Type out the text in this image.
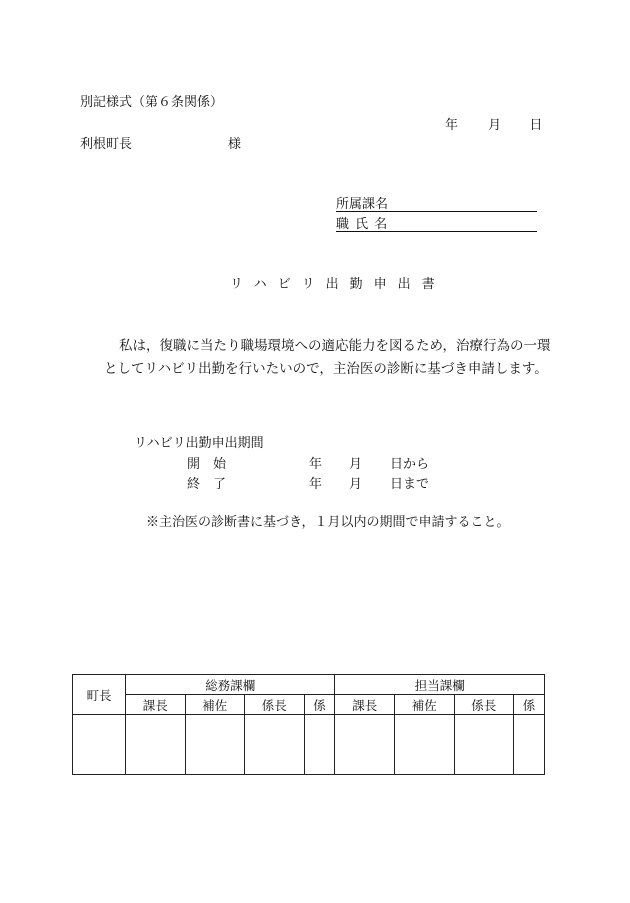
別記様式（第６条関係）
年 月 日
利根町長	様
所属課名
職 氏 名
リハビリ出勤申出書

私は，復職に当たり職場環境への適応能力を図るため，治療行為の一環

としてリハビリ出勤を行いたいので，主治医の診断に基づき申請します。

リハビリ出勤申出期間
開　始	年 月 日から
終　了	年 月 日まで
※主治医の診断書に基づき，１月以内の期間で申請すること。
町長	総務課欄				担当課欄			
	課長	補佐	係長	係	課長	補佐	係長	係
